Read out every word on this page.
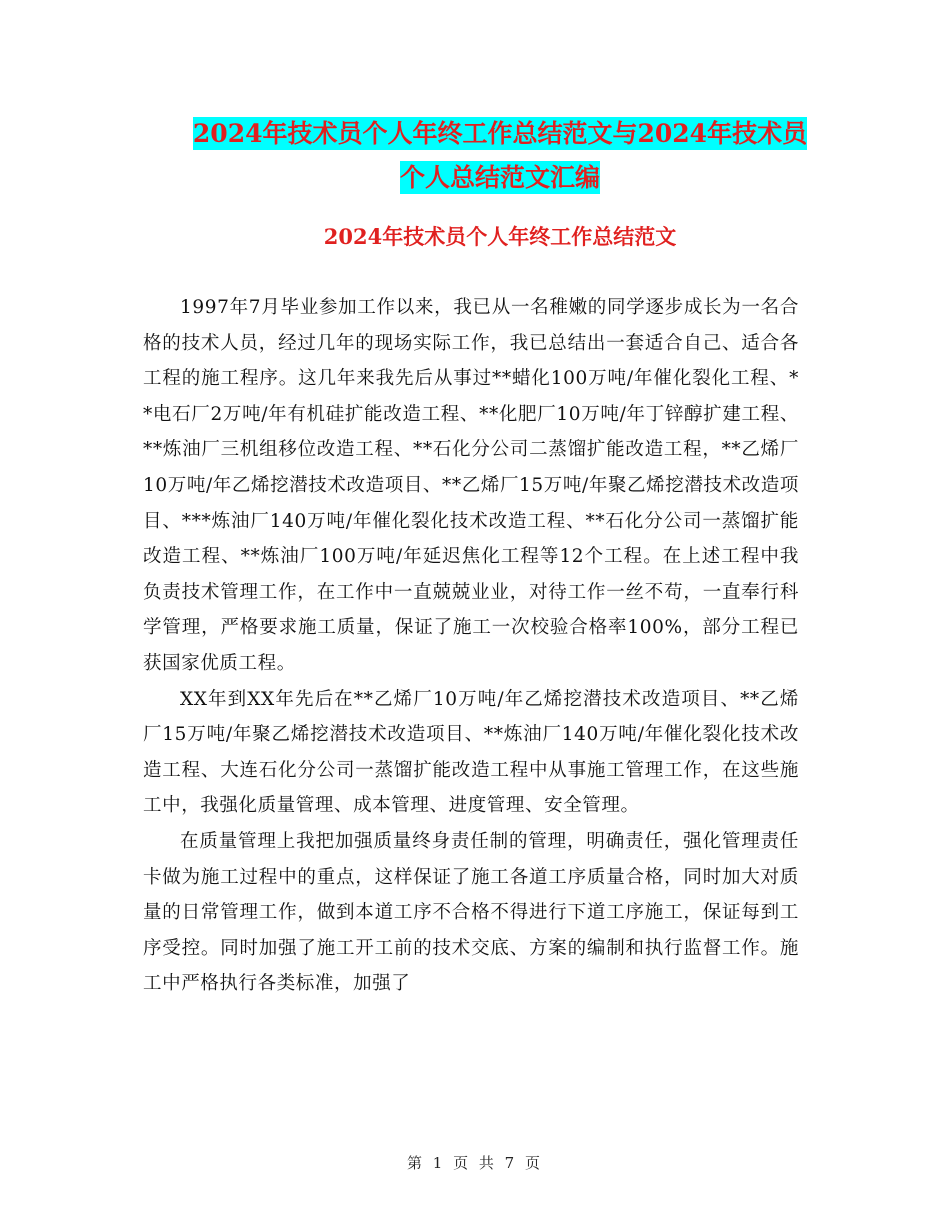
2024年技术员个人年终工作总结范文与2024年技术员
个人总结范文汇编
2024年技术员个人年终工作总结范文

1997年7月毕业参加工作以来，我已从一名稚嫩的同学逐步成长为一名合格的技术人员，经过几年的现场实际工作，我已总结出一套适合自己、适合各工程的施工程序。这几年来我先后从事过**蜡化100万吨/年催化裂化工程、**电石厂2万吨/年有机硅扩能改造工程、**化肥厂10万吨/年丁锌醇扩建工程、**炼油厂三机组移位改造工程、**石化分公司二蒸馏扩能改造工程，**乙烯厂10万吨/年乙烯挖潜技术改造项目、**乙烯厂15万吨/年聚乙烯挖潜技术改造项目、***炼油厂140万吨/年催化裂化技术改造工程、**石化分公司一蒸馏扩能改造工程、**炼油厂100万吨/年延迟焦化工程等12个工程。在上述工程中我负责技术管理工作，在工作中一直兢兢业业，对待工作一丝不苟，一直奉行科学管理，严格要求施工质量，保证了施工一次校验合格率100%，部分工程已获国家优质工程。

XX年到XX年先后在**乙烯厂10万吨/年乙烯挖潜技术改造项目、**乙烯厂15万吨/年聚乙烯挖潜技术改造项目、**炼油厂140万吨/年催化裂化技术改造工程、大连石化分公司一蒸馏扩能改造工程中从事施工管理工作，在这些施工中，我强化质量管理、成本管理、进度管理、安全管理。

在质量管理上我把加强质量终身责任制的管理，明确责任，强化管理责任卡做为施工过程中的重点，这样保证了施工各道工序质量合格，同时加大对质量的日常管理工作，做到本道工序不合格不得进行下道工序施工，保证每到工序受控。同时加强了施工开工前的技术交底、方案的编制和执行监督工作。施工中严格执行各类标准，加强了

第 1 页 共 7 页
